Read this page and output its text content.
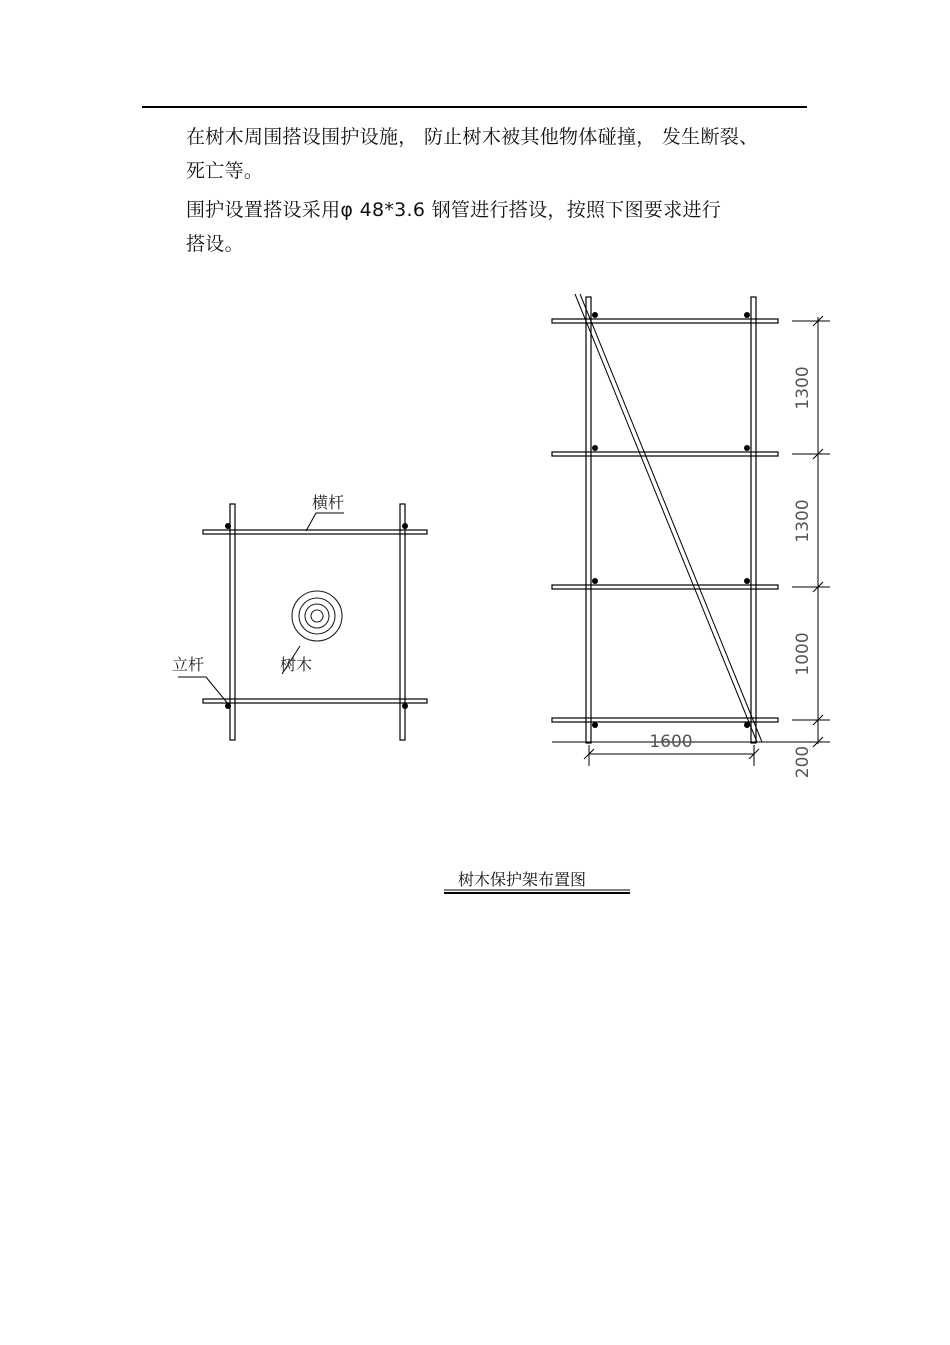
在树木周围搭设围护设施， 防止树木被其他物体碰撞， 发生断裂、
死亡等。
围护设置搭设采用φ 48*3.6 钢管进行搭设，按照下图要求进行
搭设。
横杆
立杆	树木
1300
1300
1000
200
1600
树木保护架布置图
